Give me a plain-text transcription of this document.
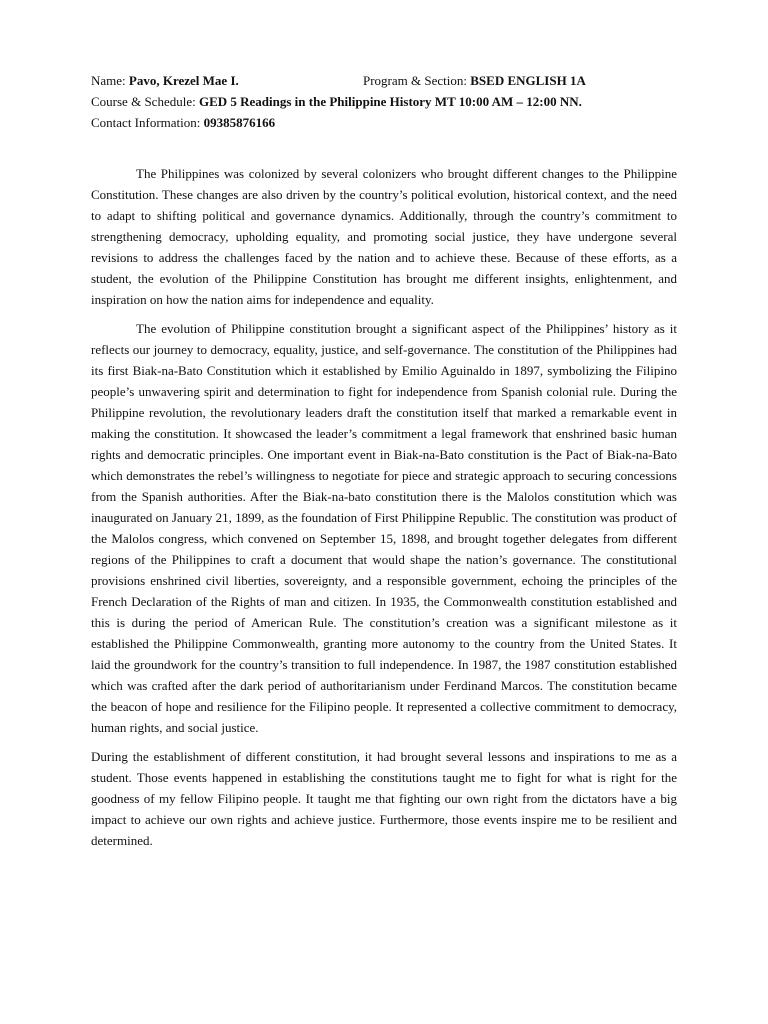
Name: Pavo, Krezel Mae I.	Program & Section: BSED ENGLISH 1A
Course & Schedule: GED 5 Readings in the Philippine History MT 10:00 AM – 12:00 NN.
Contact Information: 09385876166

The Philippines was colonized by several colonizers who brought different changes to the Philippine Constitution. These changes are also driven by the country’s political evolution, historical context, and the need to adapt to shifting political and governance dynamics. Additionally, through the country’s commitment to strengthening democracy, upholding equality, and promoting social justice, they have undergone several revisions to address the challenges faced by the nation and to achieve these. Because of these efforts, as a student, the evolution of the Philippine Constitution has brought me different insights, enlightenment, and inspiration on how the nation aims for independence and equality.

The evolution of Philippine constitution brought a significant aspect of the Philippines’ history as it reflects our journey to democracy, equality, justice, and self-governance. The constitution of the Philippines had its first Biak-na-Bato Constitution which it established by Emilio Aguinaldo in 1897, symbolizing the Filipino people’s unwavering spirit and determination to fight for independence from Spanish colonial rule. During the Philippine revolution, the revolutionary leaders draft the constitution itself that marked a remarkable event in making the constitution. It showcased the leader’s commitment a legal framework that enshrined basic human rights and democratic principles. One important event in Biak-na-Bato constitution is the Pact of Biak-na-Bato which demonstrates the rebel’s willingness to negotiate for piece and strategic approach to securing concessions from the Spanish authorities. After the Biak-na-bato constitution there is the Malolos constitution which was inaugurated on January 21, 1899, as the foundation of First Philippine Republic. The constitution was product of the Malolos congress, which convened on September 15, 1898, and brought together delegates from different regions of the Philippines to craft a document that would shape the nation’s governance. The constitutional provisions enshrined civil liberties, sovereignty, and a responsible government, echoing the principles of the French Declaration of the Rights of man and citizen. In 1935, the Commonwealth constitution established and this is during the period of American Rule. The constitution’s creation was a significant milestone as it established the Philippine Commonwealth, granting more autonomy to the country from the United States. It laid the groundwork for the country’s transition to full independence. In 1987, the 1987 constitution established which was crafted after the dark period of authoritarianism under Ferdinand Marcos. The constitution became the beacon of hope and resilience for the Filipino people. It represented a collective commitment to democracy, human rights, and social justice.

During the establishment of different constitution, it had brought several lessons and inspirations to me as a student. Those events happened in establishing the constitutions taught me to fight for what is right for the goodness of my fellow Filipino people. It taught me that fighting our own right from the dictators have a big impact to achieve our own rights and achieve justice. Furthermore, those events inspire me to be resilient and determined.
